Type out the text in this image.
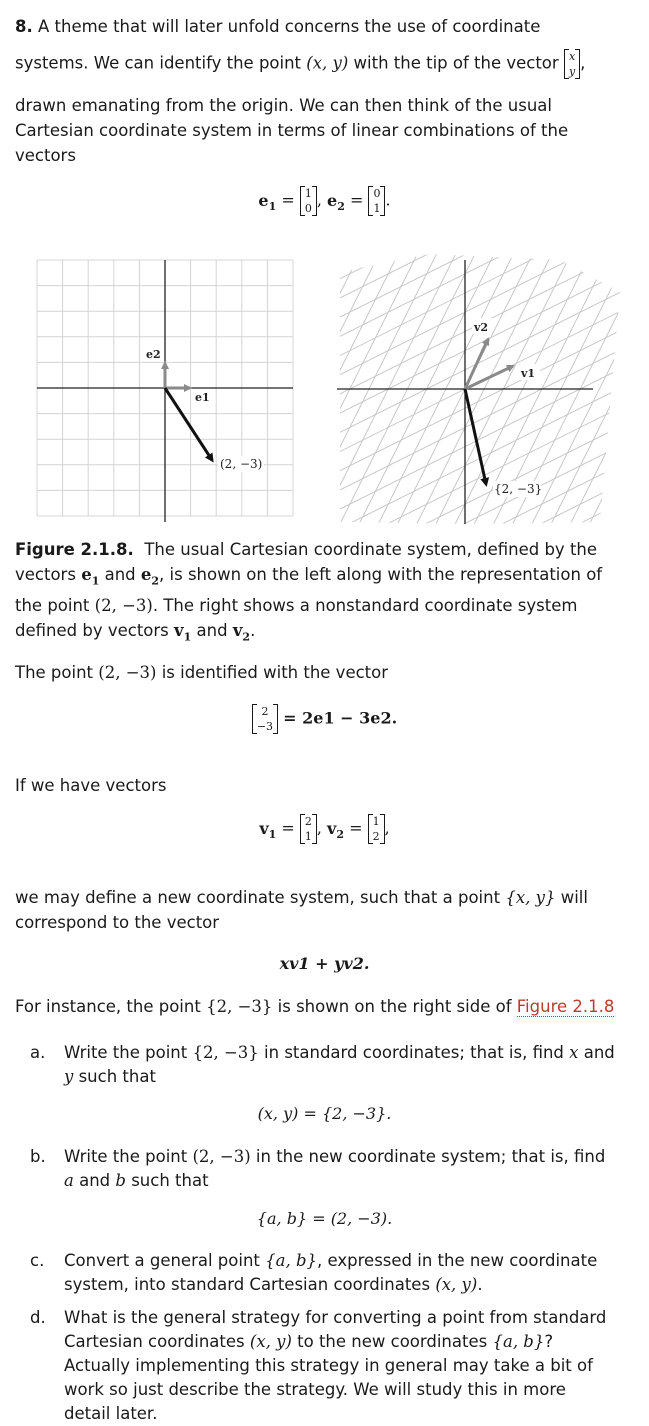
8. A theme that will later unfold concerns the use of coordinate
systems. We can identify the point (x, y) with the tip of the vector x
y ,
drawn emanating from the origin. We can then think of the usual
Cartesian coordinate system in terms of linear combinations of the
vectors
$e_1 = 1$
0 , $e_2 = 0$
1 .
e2
e1
(2, −3)
v2
v1
{2, −3}
Figure 2.1.8. The usual Cartesian coordinate system, defined by the
vectors $e_1$ and $e_2$, is shown on the left along with the representation of
the point (2, −3). The right shows a nonstandard coordinate system
defined by vectors $v_1$ and $v_2$.
The point (2, −3) is identified with the vector
2
−3 = 2e1 − 3e2.
If we have vectors
$v_1 = 2$
1 , $v_2 = 1$
2 ,
we may define a new coordinate system, such that a point {x, y} will
correspond to the vector
xv1 + yv2.
For instance, the point {2, −3} is shown on the right side of Figure 2.1.8
a. Write the point {2, −3} in standard coordinates; that is, find x and
y such that
(x, y) = {2, −3}.
b. Write the point (2, −3) in the new coordinate system; that is, find
a and b such that
{a, b} = (2, −3).
c. Convert a general point {a, b}, expressed in the new coordinate
system, into standard Cartesian coordinates (x, y).
d. What is the general strategy for converting a point from standard
Cartesian coordinates (x, y) to the new coordinates {a, b}?
Actually implementing this strategy in general may take a bit of
work so just describe the strategy. We will study this in more
detail later.
